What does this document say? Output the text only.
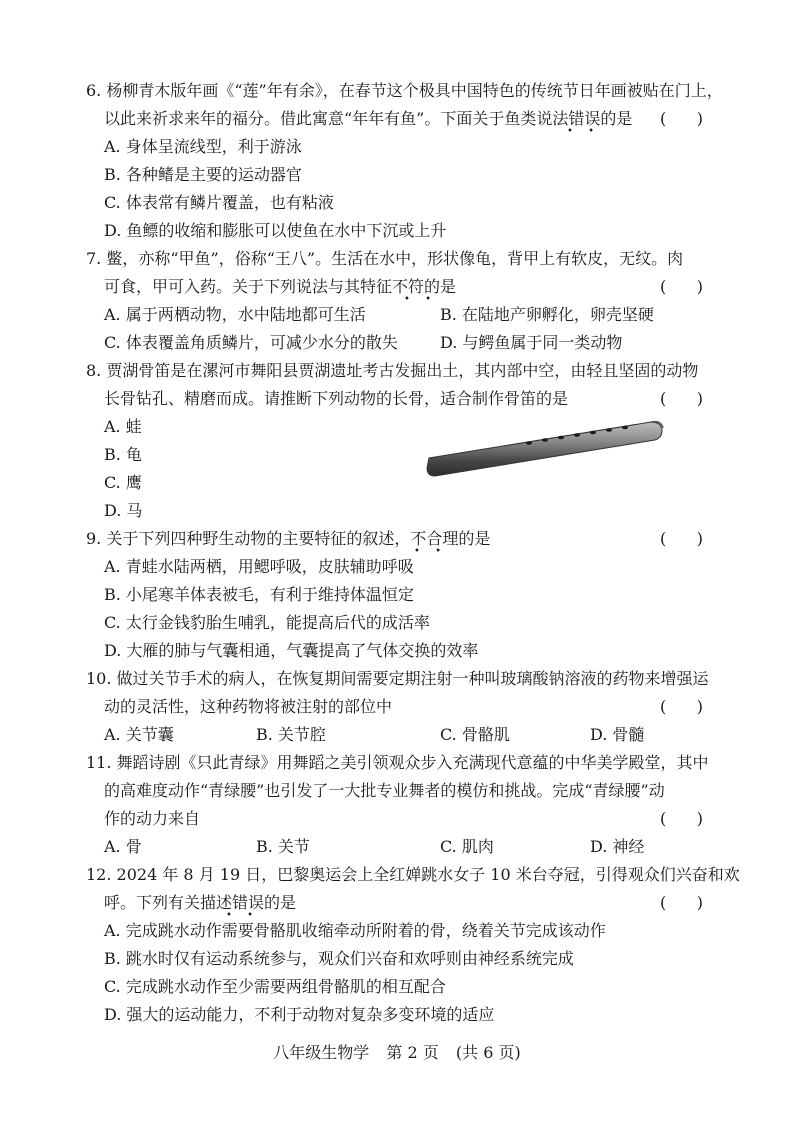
6. 杨柳青木版年画《“莲”年有余》，在春节这个极具中国特色的传统节日年画被贴在门上，
以此来祈求来年的福分。借此寓意“年年有鱼”。下面关于鱼类说法错误的是
• •
(      )
A. 身体呈流线型，利于游泳
B. 各种鳍是主要的运动器官
C. 体表常有鳞片覆盖，也有粘液
D. 鱼鳔的收缩和膨胀可以使鱼在水中下沉或上升
7. 鳖，亦称“甲鱼”，俗称“王八”。生活在水中，形状像龟，背甲上有软皮，无纹。肉
可食，甲可入药。关于下列说法与其特征不符的是
• •
(      )
A. 属于两栖动物，水中陆地都可生活	B. 在陆地产卵孵化，卵壳坚硬
C. 体表覆盖角质鳞片，可减少水分的散失	D. 与鳄鱼属于同一类动物
8. 贾湖骨笛是在漯河市舞阳县贾湖遗址考古发掘出土，其内部中空，由轻且坚固的动物
长骨钻孔、精磨而成。请推断下列动物的长骨，适合制作骨笛的是	(      )
A. 蛙
B. 龟
C. 鹰
D. 马
9. 关于下列四种野生动物的主要特征的叙述，不合理的是
• •
(      )
A. 青蛙水陆两栖，用鳃呼吸，皮肤辅助呼吸
B. 小尾寒羊体表被毛，有利于维持体温恒定
C. 太行金钱豹胎生哺乳，能提高后代的成活率
D. 大雁的肺与气囊相通，气囊提高了气体交换的效率
10. 做过关节手术的病人，在恢复期间需要定期注射一种叫玻璃酸钠溶液的药物来增强运
动的灵活性，这种药物将被注射的部位中	(      )
A. 关节囊	B. 关节腔	C. 骨骼肌	D. 骨髓
11. 舞蹈诗剧《只此青绿》用舞蹈之美引领观众步入充满现代意蕴的中华美学殿堂，其中
的高难度动作“青绿腰”也引发了一大批专业舞者的模仿和挑战。完成“青绿腰”动
作的动力来自	(      )
A. 骨	B. 关节	C. 肌肉	D. 神经
12. 2024 年 8 月 19 日，巴黎奥运会上全红婵跳水女子 10 米台夺冠，引得观众们兴奋和欢
呼。下列有关描述错误的是
• •
(      )
A. 完成跳水动作需要骨骼肌收缩牵动所附着的骨，绕着关节完成该动作
B. 跳水时仅有运动系统参与，观众们兴奋和欢呼则由神经系统完成
C. 完成跳水动作至少需要两组骨骼肌的相互配合
D. 强大的运动能力，不利于动物对复杂多变环境的适应
八年级生物学 第 2 页 (共 6 页)
